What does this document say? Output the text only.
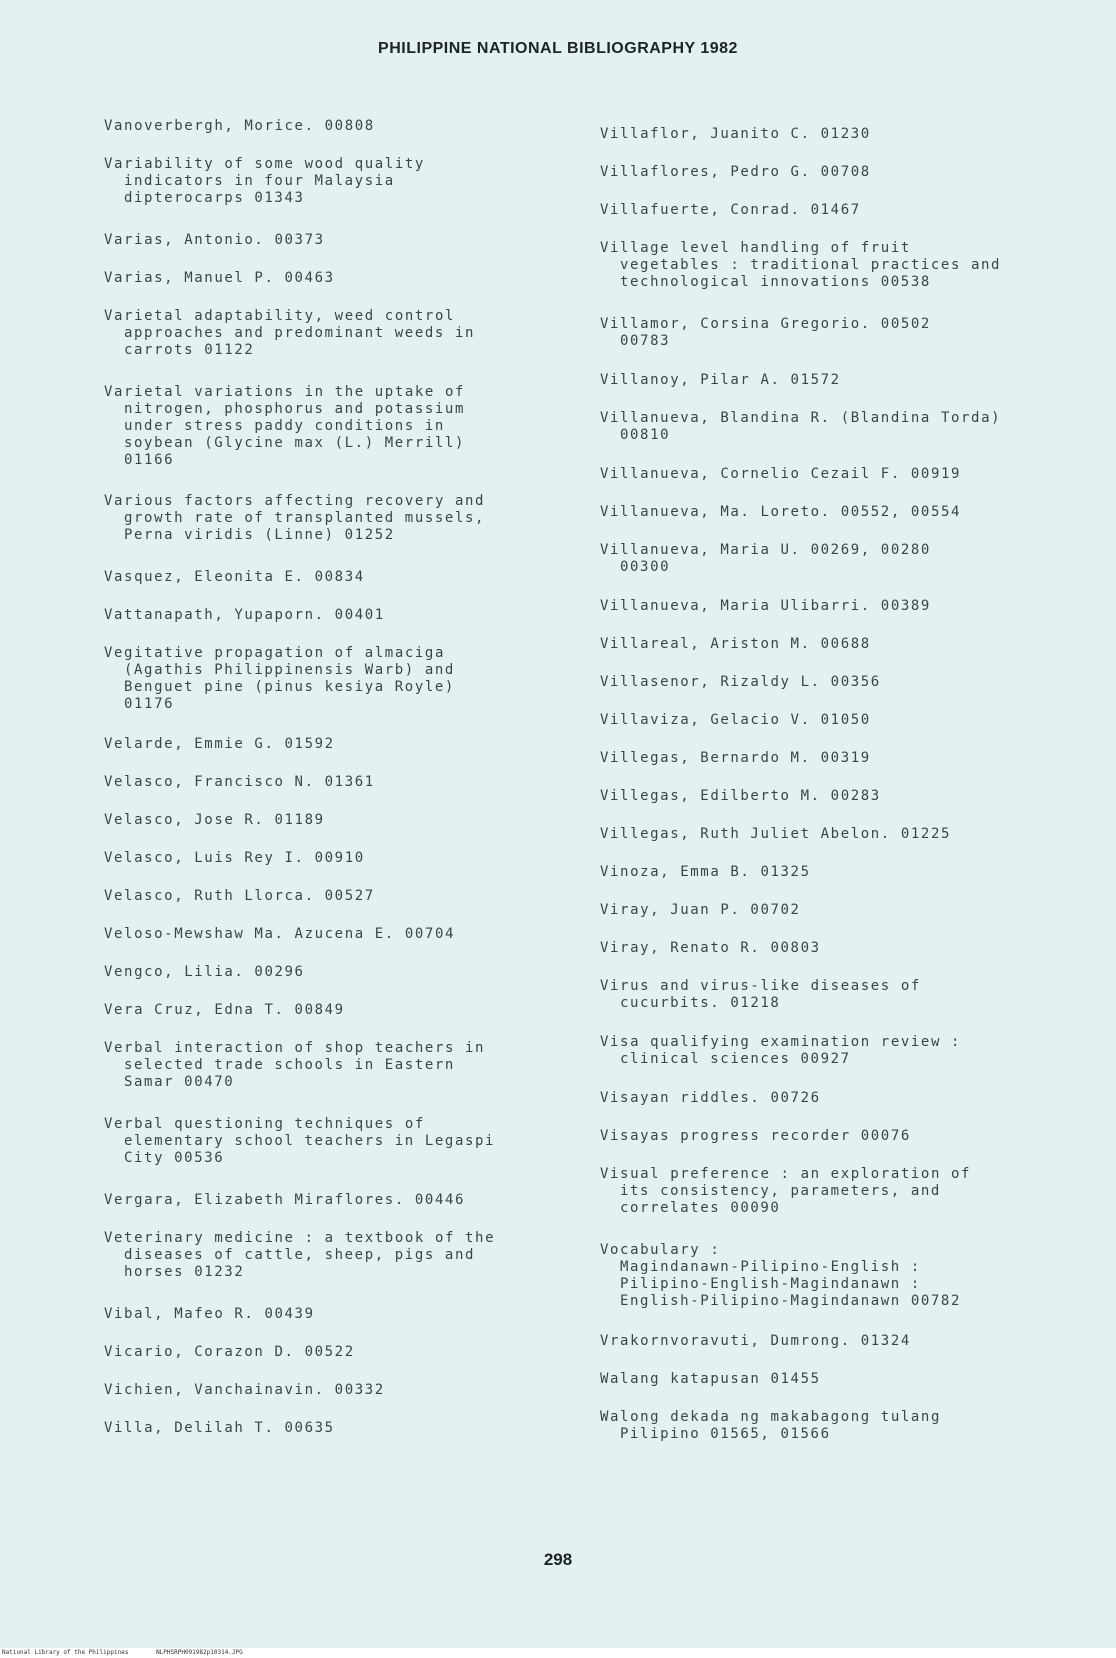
PHILIPPINE NATIONAL BIBLIOGRAPHY 1982
Vanoverbergh, Morice. 00808
Variability of some wood quality
indicators in four Malaysia
dipterocarps 01343
Varias, Antonio. 00373
Varias, Manuel P. 00463
Varietal adaptability, weed control
approaches and predominant weeds in
carrots 01122
Varietal variations in the uptake of
nitrogen, phosphorus and potassium
under stress paddy conditions in
soybean (Glycine max (L.) Merrill)
01166
Various factors affecting recovery and
growth rate of transplanted mussels,
Perna viridis (Linne) 01252
Vasquez, Eleonita E. 00834
Vattanapath, Yupaporn. 00401
Vegitative propagation of almaciga
(Agathis Philippinensis Warb) and
Benguet pine (pinus kesiya Royle)
01176
Velarde, Emmie G. 01592
Velasco, Francisco N. 01361
Velasco, Jose R. 01189
Velasco, Luis Rey I. 00910
Velasco, Ruth Llorca. 00527
Veloso-Mewshaw Ma. Azucena E. 00704
Vengco, Lilia. 00296
Vera Cruz, Edna T. 00849
Verbal interaction of shop teachers in
selected trade schools in Eastern
Samar 00470
Verbal questioning techniques of
elementary school teachers in Legaspi
City 00536
Vergara, Elizabeth Miraflores. 00446
Veterinary medicine : a textbook of the
diseases of cattle, sheep, pigs and
horses 01232
Vibal, Mafeo R. 00439
Vicario, Corazon D. 00522
Vichien, Vanchainavin. 00332
Villa, Delilah T. 00635
Villaflor, Juanito C. 01230
Villaflores, Pedro G. 00708
Villafuerte, Conrad. 01467
Village level handling of fruit
vegetables : traditional practices and
technological innovations 00538
Villamor, Corsina Gregorio. 00502
00783
Villanoy, Pilar A. 01572
Villanueva, Blandina R. (Blandina Torda)
00810
Villanueva, Cornelio Cezail F. 00919
Villanueva, Ma. Loreto. 00552, 00554
Villanueva, Maria U. 00269, 00280
00300
Villanueva, Maria Ulibarri. 00389
Villareal, Ariston M. 00688
Villasenor, Rizaldy L. 00356
Villaviza, Gelacio V. 01050
Villegas, Bernardo M. 00319
Villegas, Edilberto M. 00283
Villegas, Ruth Juliet Abelon. 01225
Vinoza, Emma B. 01325
Viray, Juan P. 00702
Viray, Renato R. 00803
Virus and virus-like diseases of
cucurbits. 01218
Visa qualifying examination review :
clinical sciences 00927
Visayan riddles. 00726
Visayas progress recorder 00076
Visual preference : an exploration of
its consistency, parameters, and
correlates 00090
Vocabulary :
Magindanawn-Pilipino-English :
Pilipino-English-Magindanawn :
English-Pilipino-Magindanawn 00782
Vrakornvoravuti, Dumrong. 01324
Walang katapusan 01455
Walong dekada ng makabagong tulang
Pilipino 01565, 01566
298
National Library of the Philippines	NLPHSRPH091982p10314.JPG
